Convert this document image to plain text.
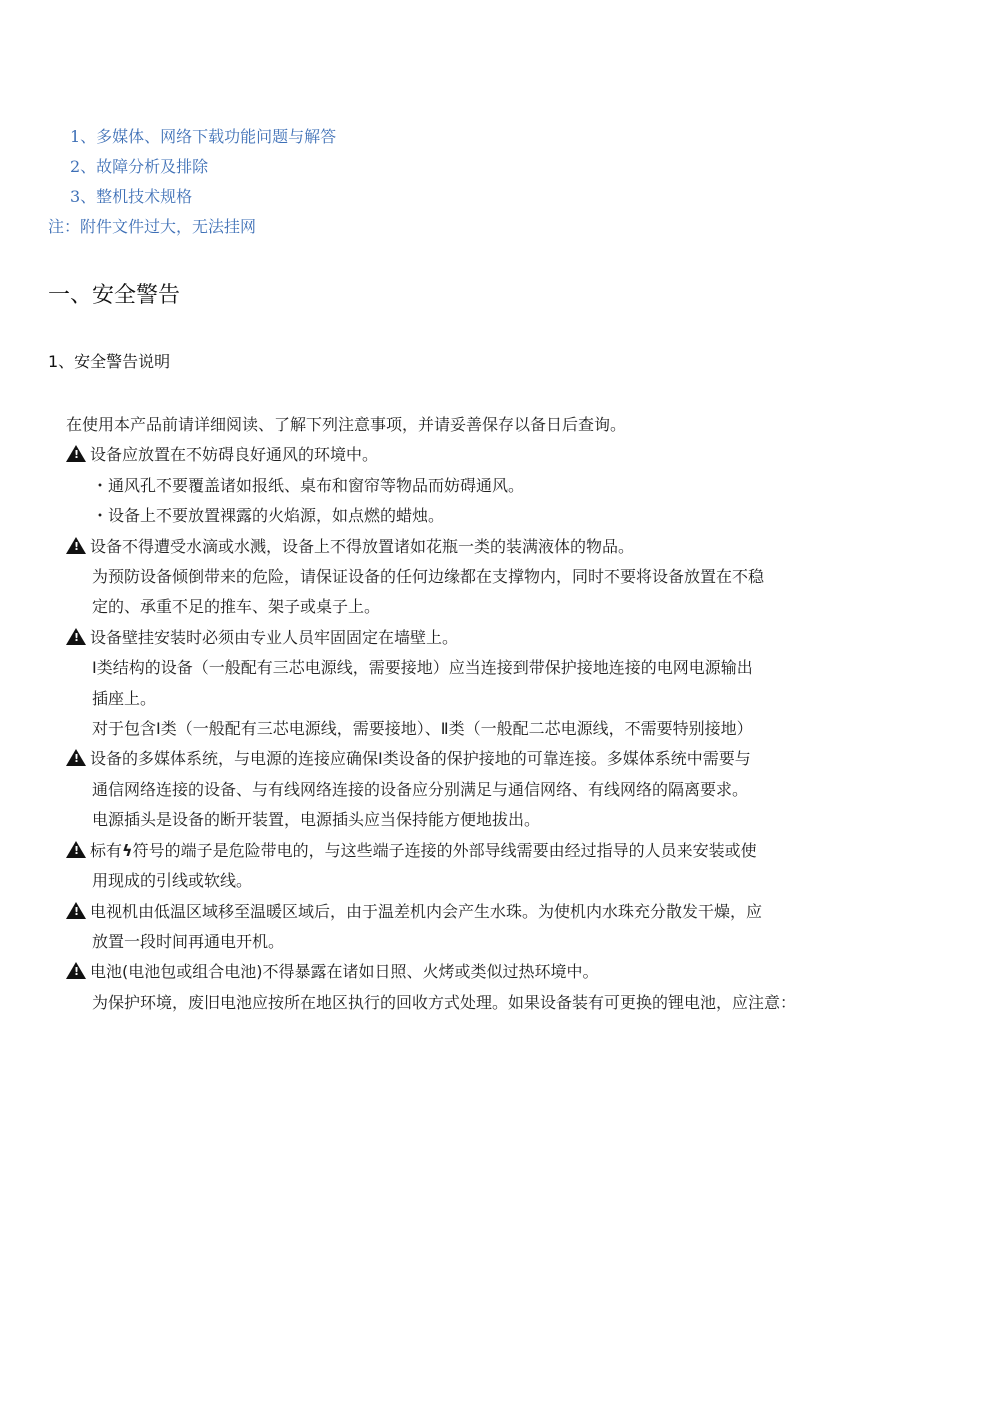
1、多媒体、网络下载功能问题与解答
2、故障分析及排除
3、整机技术规格
注：附件文件过大，无法挂网
一、安全警告
1、安全警告说明
在使用本产品前请详细阅读、了解下列注意事项，并请妥善保存以备日后查询。
!设备应放置在不妨碍良好通风的环境中。
・通风孔不要覆盖诸如报纸、桌布和窗帘等物品而妨碍通风。
・设备上不要放置裸露的火焰源，如点燃的蜡烛。
!设备不得遭受水滴或水溅，设备上不得放置诸如花瓶一类的装满液体的物品。
为预防设备倾倒带来的危险，请保证设备的任何边缘都在支撑物内，同时不要将设备放置在不稳
定的、承重不足的推车、架子或桌子上。
!设备壁挂安装时必须由专业人员牢固固定在墙壁上。
Ⅰ类结构的设备（一般配有三芯电源线，需要接地）应当连接到带保护接地连接的电网电源输出
插座上。
对于包含Ⅰ类（一般配有三芯电源线，需要接地）、Ⅱ类（一般配二芯电源线，不需要特别接地）
!设备的多媒体系统，与电源的连接应确保Ⅰ类设备的保护接地的可靠连接。多媒体系统中需要与
通信网络连接的设备、与有线网络连接的设备应分别满足与通信网络、有线网络的隔离要求。
电源插头是设备的断开装置，电源插头应当保持能方便地拔出。
!标有ϟ符号的端子是危险带电的，与这些端子连接的外部导线需要由经过指导的人员来安装或使
用现成的引线或软线。
!电视机由低温区域移至温暖区域后，由于温差机内会产生水珠。为使机内水珠充分散发干燥，应
放置一段时间再通电开机。
!电池(电池包或组合电池)不得暴露在诸如日照、火烤或类似过热环境中。
为保护环境，废旧电池应按所在地区执行的回收方式处理。如果设备装有可更换的锂电池，应注意：
